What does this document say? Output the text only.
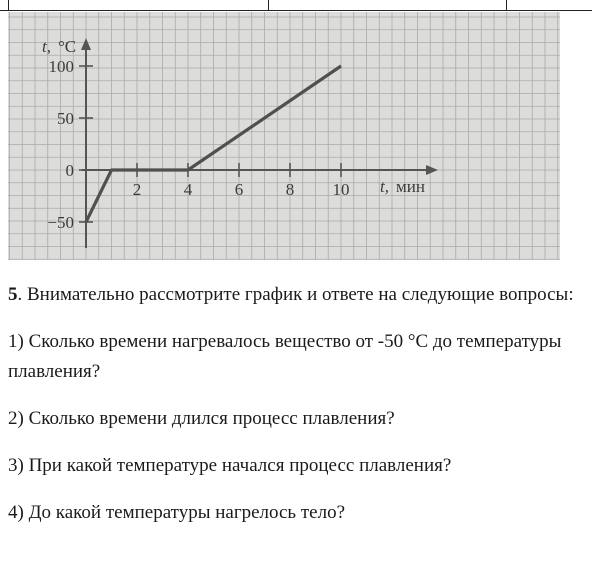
2	4	6	8 10
100
50
0
−50
t, °C
t, мин

5. Внимательно рассмотрите график и ответе на следующие вопросы:

1) Сколько времени нагревалось вещество от -50 °С до температуры плавления?

2) Сколько времени длился процесс плавления?

3) При какой температуре начался процесс плавления?

4) До какой температуры нагрелось тело?
